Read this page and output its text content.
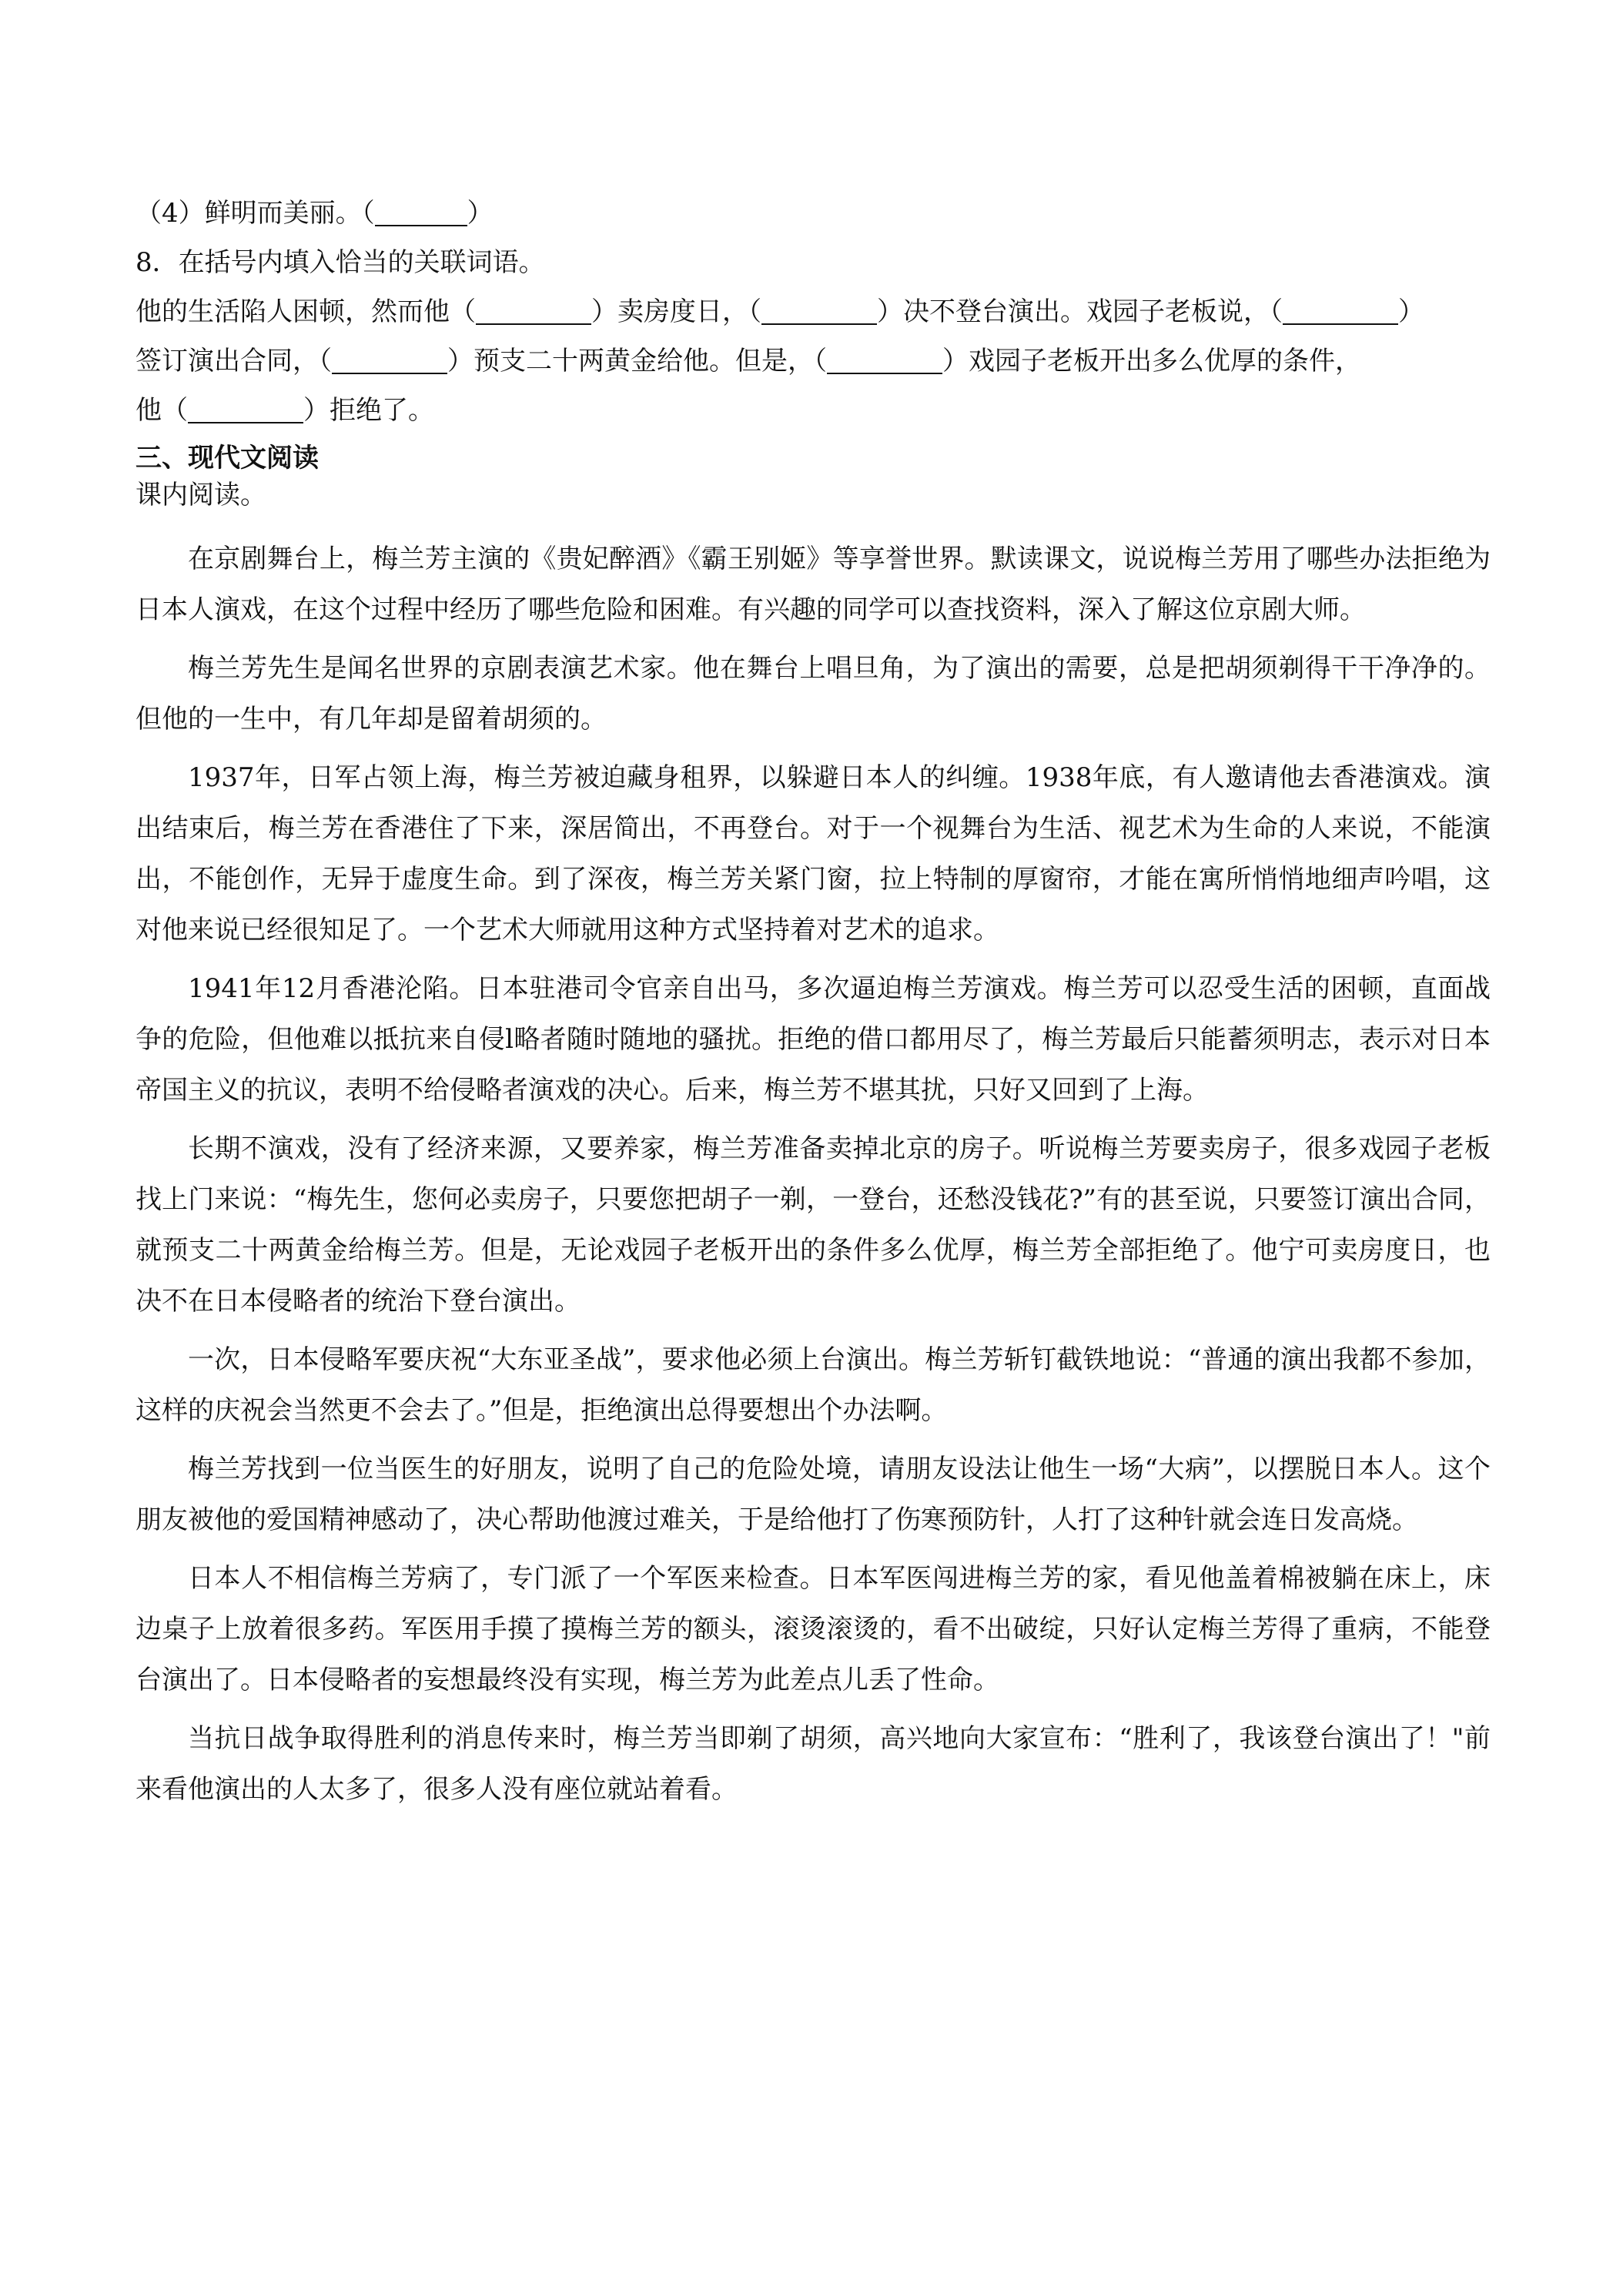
（4）鲜明而美丽。（	）
8．在括号内填入恰当的关联词语。
他的生活陷人困顿，然而他（	）卖房度日，（	）决不登台演出。戏园子老板说，（	）
签订演出合同，（	）预支二十两黄金给他。但是，（	）戏园子老板开出多么优厚的条件，
他（	）拒绝了。
三、现代文阅读
课内阅读。

在京剧舞台上，梅兰芳主演的《贵妃醉酒》《霸王别姬》等享誉世界。默读课文，说说梅兰芳用了哪些办法拒绝为日本人演戏，在这个过程中经历了哪些危险和困难。有兴趣的同学可以查找资料，深入了解这位京剧大师。

梅兰芳先生是闻名世界的京剧表演艺术家。他在舞台上唱旦角，为了演出的需要，总是把胡须剃得干干净净的。但他的一生中，有几年却是留着胡须的。

1937年，日军占领上海，梅兰芳被迫藏身租界，以躲避日本人的纠缠。1938年底，有人邀请他去香港演戏。演出结束后，梅兰芳在香港住了下来，深居简出，不再登台。对于一个视舞台为生活、视艺术为生命的人来说，不能演出，不能创作，无异于虚度生命。到了深夜，梅兰芳关紧门窗，拉上特制的厚窗帘，才能在寓所悄悄地细声吟唱，这对他来说已经很知足了。一个艺术大师就用这种方式坚持着对艺术的追求。

1941年12月香港沦陷。日本驻港司令官亲自出马，多次逼迫梅兰芳演戏。梅兰芳可以忍受生活的困顿，直面战争的危险，但他难以抵抗来自侵l略者随时随地的骚扰。拒绝的借口都用尽了，梅兰芳最后只能蓄须明志，表示对日本帝国主义的抗议，表明不给侵略者演戏的决心。后来，梅兰芳不堪其扰，只好又回到了上海。

长期不演戏，没有了经济来源，又要养家，梅兰芳准备卖掉北京的房子。听说梅兰芳要卖房子，很多戏园子老板找上门来说：“梅先生，您何必卖房子，只要您把胡子一剃，一登台，还愁没钱花?”有的甚至说，只要签订演出合同，就预支二十两黄金给梅兰芳。但是，无论戏园子老板开出的条件多么优厚，梅兰芳全部拒绝了。他宁可卖房度日，也决不在日本侵略者的统治下登台演出。

一次，日本侵略军要庆祝“大东亚圣战”，要求他必须上台演出。梅兰芳斩钉截铁地说：“普通的演出我都不参加，这样的庆祝会当然更不会去了。”但是，拒绝演出总得要想出个办法啊。

梅兰芳找到一位当医生的好朋友，说明了自己的危险处境，请朋友设法让他生一场“大病”，以摆脱日本人。这个朋友被他的爱国精神感动了，决心帮助他渡过难关，于是给他打了伤寒预防针，人打了这种针就会连日发高烧。

日本人不相信梅兰芳病了，专门派了一个军医来检查。日本军医闯进梅兰芳的家，看见他盖着棉被躺在床上，床边桌子上放着很多药。军医用手摸了摸梅兰芳的额头，滚烫滚烫的，看不出破绽，只好认定梅兰芳得了重病，不能登台演出了。日本侵略者的妄想最终没有实现，梅兰芳为此差点儿丢了性命。

当抗日战争取得胜利的消息传来时，梅兰芳当即剃了胡须，高兴地向大家宣布：“胜利了，我该登台演出了！"前来看他演出的人太多了，很多人没有座位就站着看。
